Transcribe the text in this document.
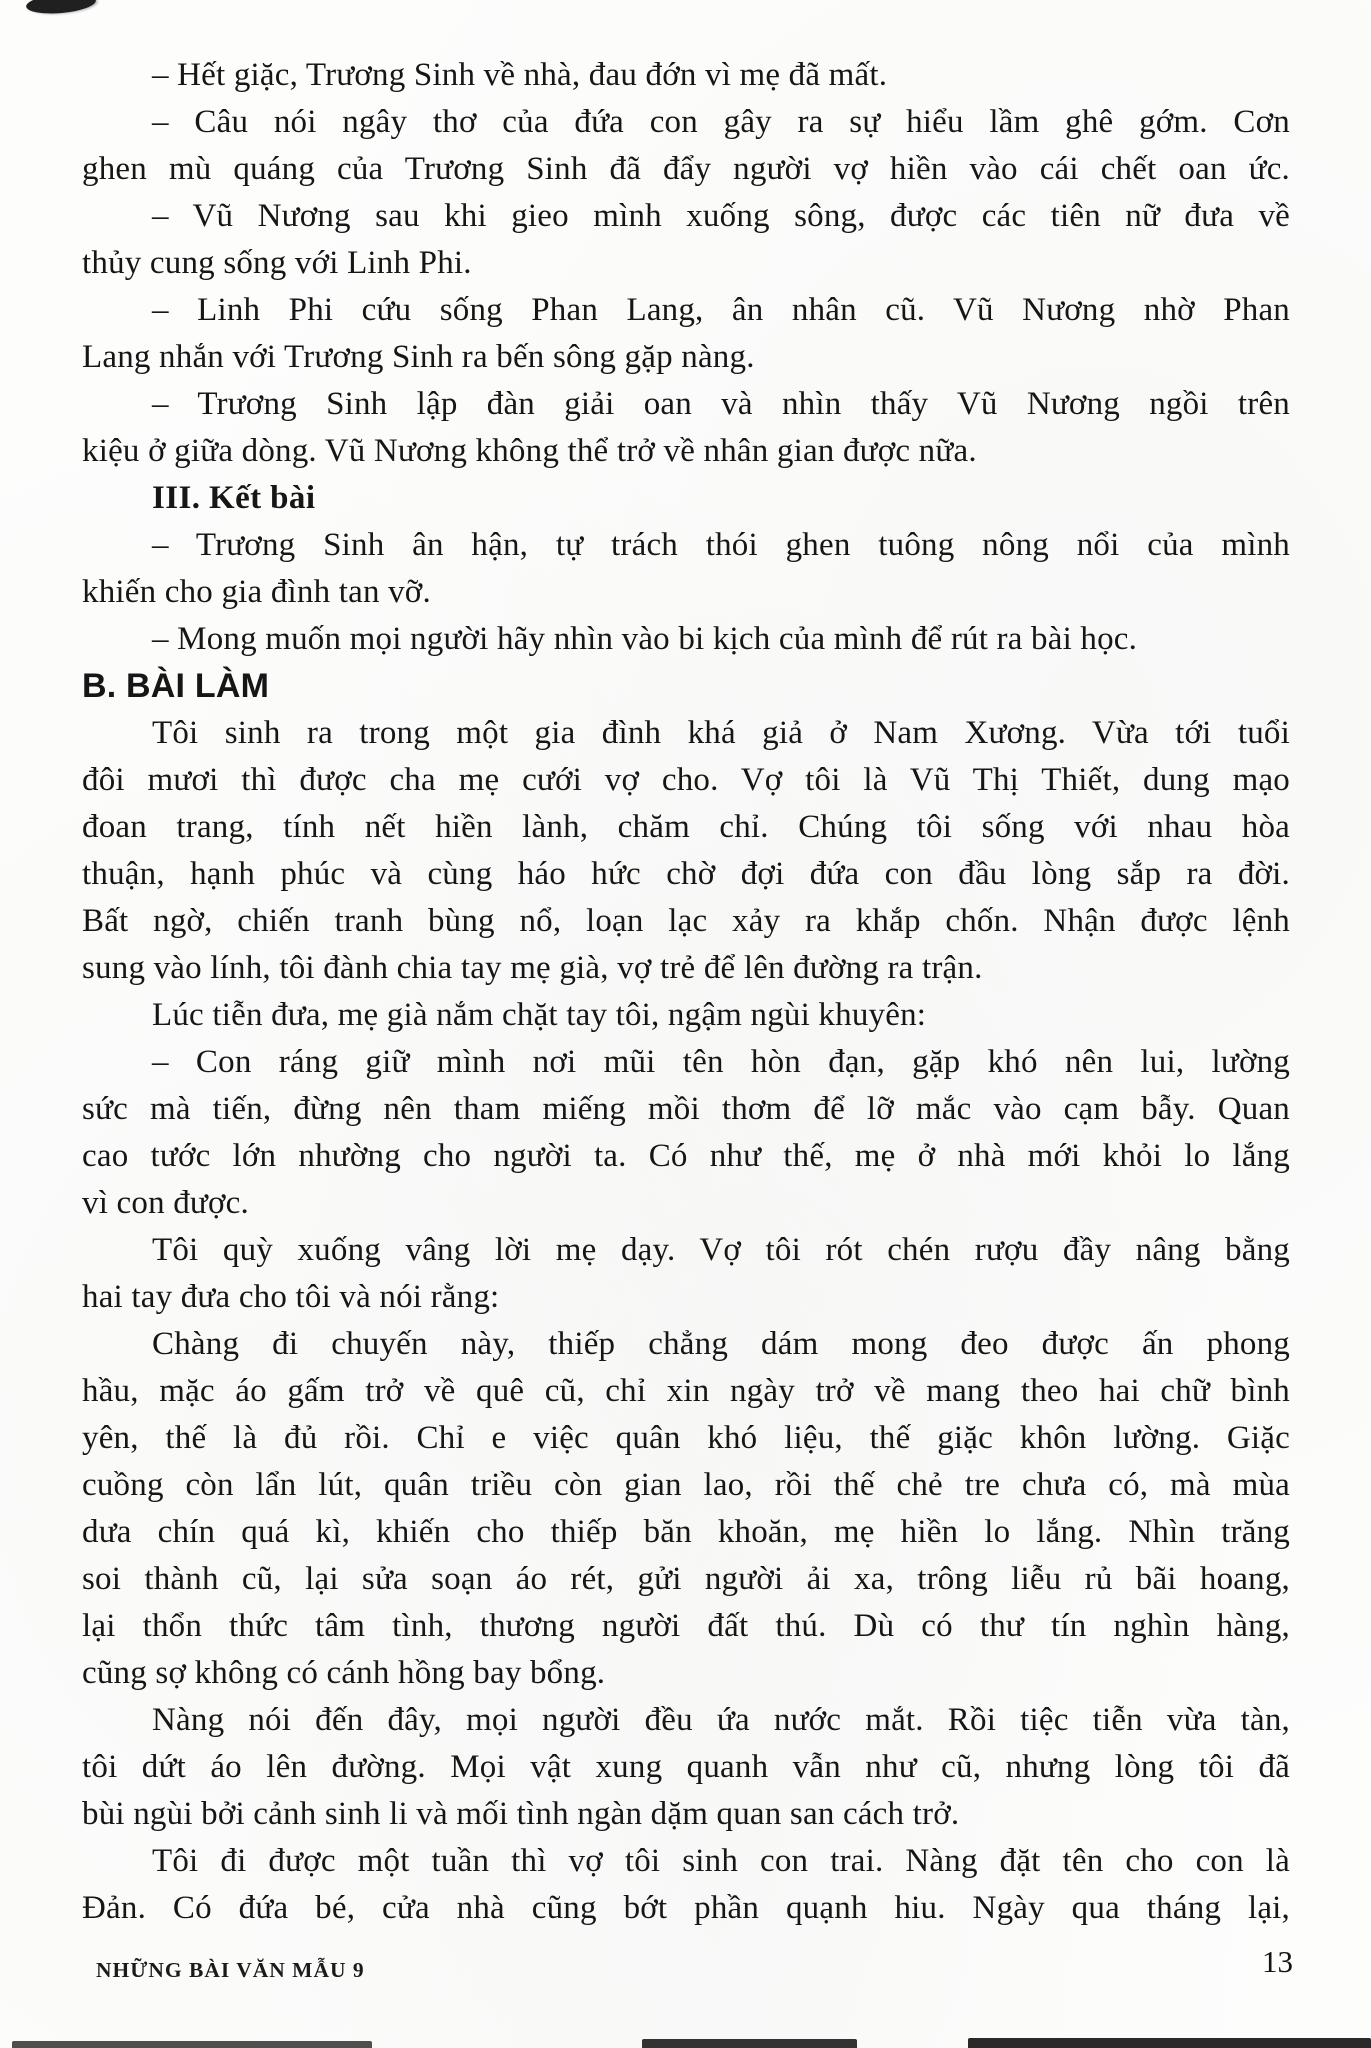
– Hết giặc, Trương Sinh về nhà, đau đớn vì mẹ đã mất.
– Câu nói ngây thơ của đứa con gây ra sự hiểu lầm ghê gớm. Cơn
ghen mù quáng của Trương Sinh đã đẩy người vợ hiền vào cái chết oan ức.
– Vũ Nương sau khi gieo mình xuống sông, được các tiên nữ đưa về
thủy cung sống với Linh Phi.
– Linh Phi cứu sống Phan Lang, ân nhân cũ. Vũ Nương nhờ Phan
Lang nhắn với Trương Sinh ra bến sông gặp nàng.
– Trương Sinh lập đàn giải oan và nhìn thấy Vũ Nương ngồi trên
kiệu ở giữa dòng. Vũ Nương không thể trở về nhân gian được nữa.
III. Kết bài
– Trương Sinh ân hận, tự trách thói ghen tuông nông nổi của mình
khiến cho gia đình tan vỡ.
– Mong muốn mọi người hãy nhìn vào bi kịch của mình để rút ra bài học.
B. BÀI LÀM
Tôi sinh ra trong một gia đình khá giả ở Nam Xương. Vừa tới tuổi
đôi mươi thì được cha mẹ cưới vợ cho. Vợ tôi là Vũ Thị Thiết, dung mạo
đoan trang, tính nết hiền lành, chăm chỉ. Chúng tôi sống với nhau hòa
thuận, hạnh phúc và cùng háo hức chờ đợi đứa con đầu lòng sắp ra đời.
Bất ngờ, chiến tranh bùng nổ, loạn lạc xảy ra khắp chốn. Nhận được lệnh
sung vào lính, tôi đành chia tay mẹ già, vợ trẻ để lên đường ra trận.
Lúc tiễn đưa, mẹ già nắm chặt tay tôi, ngậm ngùi khuyên:
– Con ráng giữ mình nơi mũi tên hòn đạn, gặp khó nên lui, lường
sức mà tiến, đừng nên tham miếng mồi thơm để lỡ mắc vào cạm bẫy. Quan
cao tước lớn nhường cho người ta. Có như thế, mẹ ở nhà mới khỏi lo lắng
vì con được.
Tôi quỳ xuống vâng lời mẹ dạy. Vợ tôi rót chén rượu đầy nâng bằng
hai tay đưa cho tôi và nói rằng:
Chàng đi chuyến này, thiếp chẳng dám mong đeo được ấn phong
hầu, mặc áo gấm trở về quê cũ, chỉ xin ngày trở về mang theo hai chữ bình
yên, thế là đủ rồi. Chỉ e việc quân khó liệu, thế giặc khôn lường. Giặc
cuồng còn lẩn lút, quân triều còn gian lao, rồi thế chẻ tre chưa có, mà mùa
dưa chín quá kì, khiến cho thiếp băn khoăn, mẹ hiền lo lắng. Nhìn trăng
soi thành cũ, lại sửa soạn áo rét, gửi người ải xa, trông liễu rủ bãi hoang,
lại thổn thức tâm tình, thương người đất thú. Dù có thư tín nghìn hàng,
cũng sợ không có cánh hồng bay bổng.
Nàng nói đến đây, mọi người đều ứa nước mắt. Rồi tiệc tiễn vừa tàn,
tôi dứt áo lên đường. Mọi vật xung quanh vẫn như cũ, nhưng lòng tôi đã
bùi ngùi bởi cảnh sinh li và mối tình ngàn dặm quan san cách trở.
Tôi đi được một tuần thì vợ tôi sinh con trai. Nàng đặt tên cho con là
Đản. Có đứa bé, cửa nhà cũng bớt phần quạnh hiu. Ngày qua tháng lại,
NHỮNG BÀI VĂN MẪU 9	13
